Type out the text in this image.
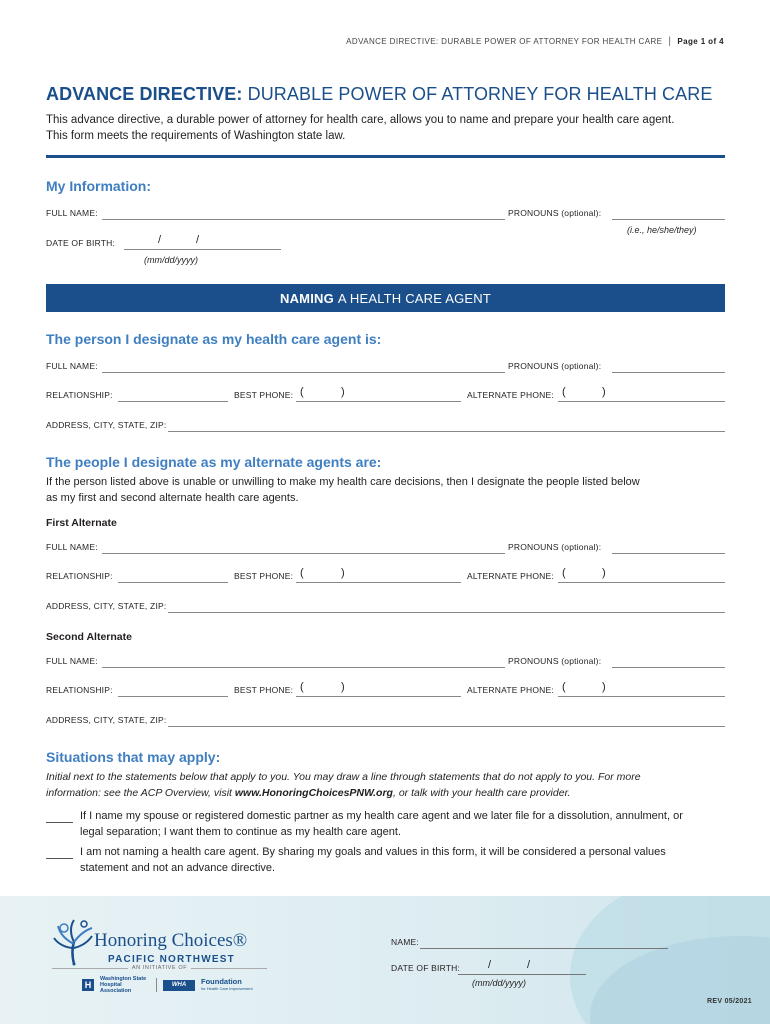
ADVANCE DIRECTIVE: DURABLE POWER OF ATTORNEY FOR HEALTH CARE | Page 1 of 4
ADVANCE DIRECTIVE: DURABLE POWER OF ATTORNEY FOR HEALTH CARE
This advance directive, a durable power of attorney for health care, allows you to name and prepare your health care agent.
This form meets the requirements of Washington state law.
My Information:
FULL NAME:	PRONOUNS (optional):
(i.e., he/she/they)
DATE OF BIRTH:	/	/
(mm/dd/yyyy)
NAMING A HEALTH CARE AGENT
The person I designate as my health care agent is:
FULL NAME:	PRONOUNS (optional):
RELATIONSHIP:	BEST PHONE: (	)	ALTERNATE PHONE: (	)
ADDRESS, CITY, STATE, ZIP:
The people I designate as my alternate agents are:
If the person listed above is unable or unwilling to make my health care decisions, then I designate the people listed below
as my first and second alternate health care agents.
First Alternate
FULL NAME:	PRONOUNS (optional):
RELATIONSHIP:	BEST PHONE: (	)	ALTERNATE PHONE: (	)
ADDRESS, CITY, STATE, ZIP:
Second Alternate
FULL NAME:	PRONOUNS (optional):
RELATIONSHIP:	BEST PHONE: (	)	ALTERNATE PHONE: (	)
ADDRESS, CITY, STATE, ZIP:
Situations that may apply:
Initial next to the statements below that apply to you. You may draw a line through statements that do not apply to you. For more
information: see the ACP Overview, visit www.HonoringChoicesPNW.org, or talk with your health care provider.
If I name my spouse or registered domestic partner as my health care agent and we later file for a dissolution, annulment, or
legal separation; I want them to continue as my health care agent.
I am not naming a health care agent. By sharing my goals and values in this form, it will be considered a personal values
statement and not an advance directive.
Honoring Choices®
PACIFIC NORTHWEST
AN INITIATIVE OF
H
Washington State Hospital Association
WHA	Foundation
for Health Care Improvement
NAME:
DATE OF BIRTH:	/	/
(mm/dd/yyyy)
REV 05/2021
